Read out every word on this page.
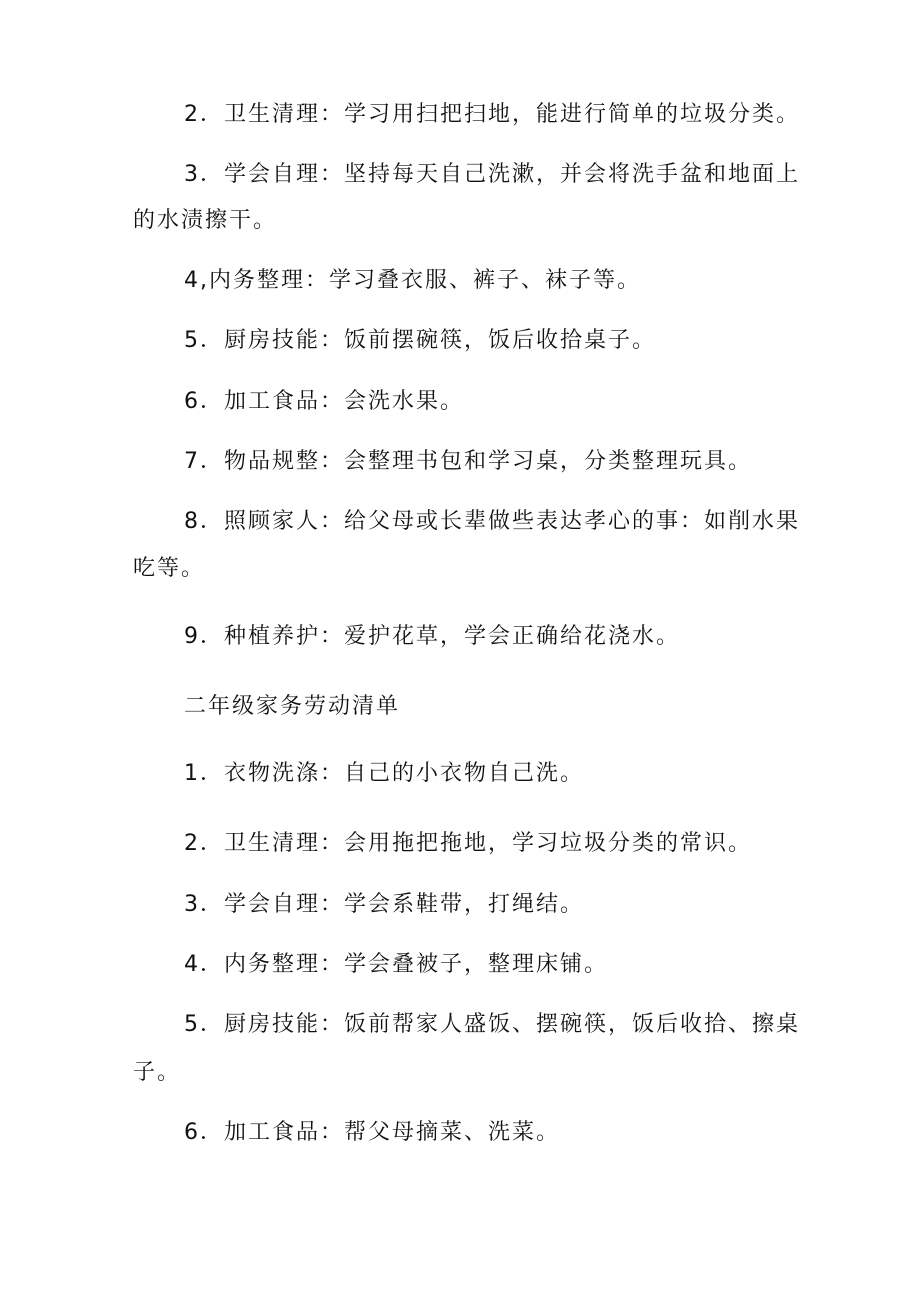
2．卫生清理：学习用扫把扫地，能进行简单的垃圾分类。
3．学会自理：坚持每天自己洗漱，并会将洗手盆和地面上
的水渍擦干。
4,内务整理：学习叠衣服、裤子、袜子等。
5．厨房技能：饭前摆碗筷，饭后收拾桌子。
6．加工食品：会洗水果。
7．物品规整：会整理书包和学习桌，分类整理玩具。
8．照顾家人：给父母或长辈做些表达孝心的事：如削水果
吃等。
9．种植养护：爱护花草，学会正确给花浇水。
二年级家务劳动清单
1．衣物洗涤：自己的小衣物自己洗。
2．卫生清理：会用拖把拖地，学习垃圾分类的常识。
3．学会自理：学会系鞋带，打绳结。
4．内务整理：学会叠被子，整理床铺。
5．厨房技能：饭前帮家人盛饭、摆碗筷，饭后收拾、擦桌
子。
6．加工食品：帮父母摘菜、洗菜。
